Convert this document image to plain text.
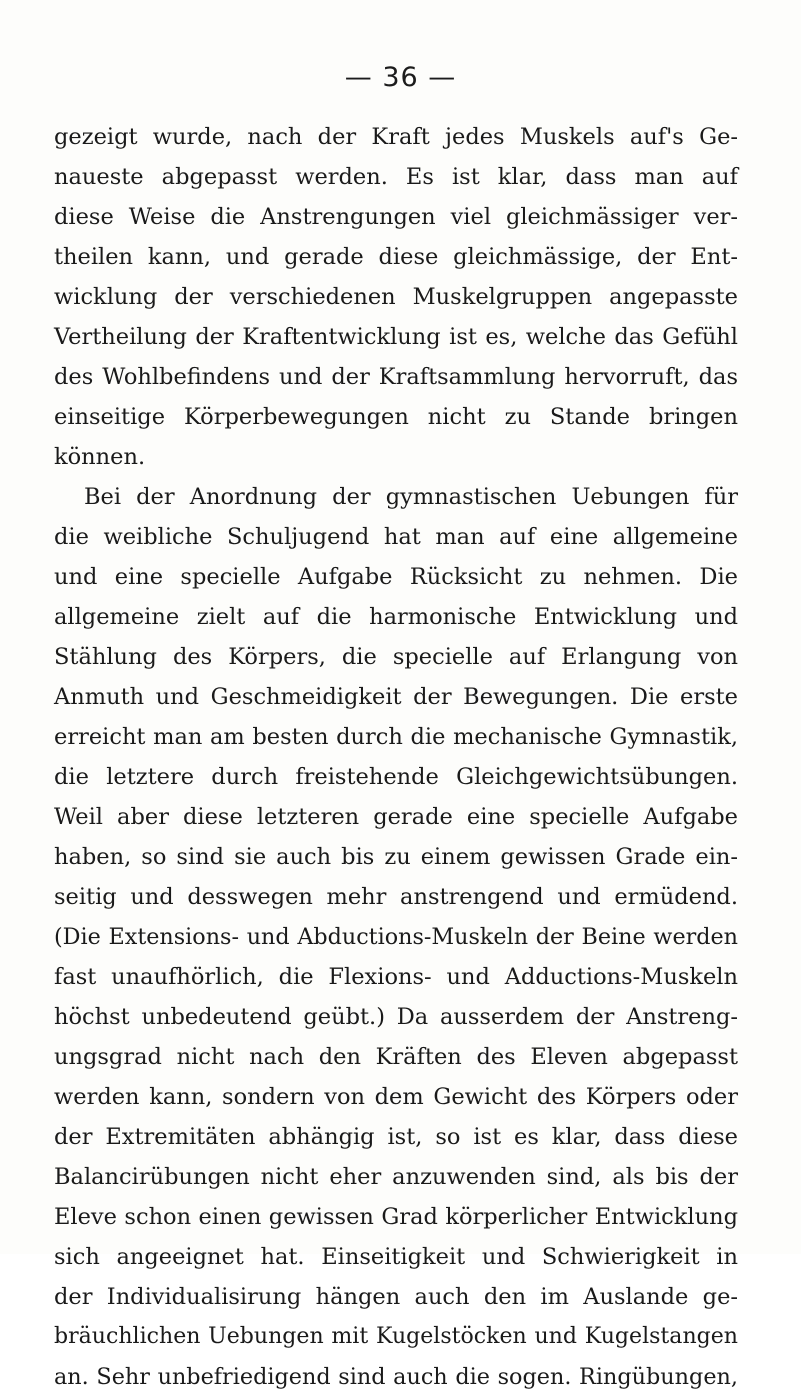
— 36 —
gezeigt wurde, nach der Kraft jedes Muskels auf's Ge-
naueste abgepasst werden. Es ist klar, dass man auf
diese Weise die Anstrengungen viel gleichmässiger ver-
theilen kann, und gerade diese gleichmässige, der Ent-
wicklung der verschiedenen Muskelgruppen angepasste
Vertheilung der Kraftentwicklung ist es, welche das Gefühl
des Wohlbefindens und der Kraftsammlung hervorruft, das
einseitige Körperbewegungen nicht zu Stande bringen
können.
Bei der Anordnung der gymnastischen Uebungen für
die weibliche Schuljugend hat man auf eine allgemeine
und eine specielle Aufgabe Rücksicht zu nehmen. Die
allgemeine zielt auf die harmonische Entwicklung und
Stählung des Körpers, die specielle auf Erlangung von
Anmuth und Geschmeidigkeit der Bewegungen. Die erste
erreicht man am besten durch die mechanische Gymnastik,
die letztere durch freistehende Gleichgewichtsübungen.
Weil aber diese letzteren gerade eine specielle Aufgabe
haben, so sind sie auch bis zu einem gewissen Grade ein-
seitig und desswegen mehr anstrengend und ermüdend.
(Die Extensions- und Abductions-Muskeln der Beine werden
fast unaufhörlich, die Flexions- und Adductions-Muskeln
höchst unbedeutend geübt.) Da ausserdem der Anstreng-
ungsgrad nicht nach den Kräften des Eleven abgepasst
werden kann, sondern von dem Gewicht des Körpers oder
der Extremitäten abhängig ist, so ist es klar, dass diese
Balancirübungen nicht eher anzuwenden sind, als bis der
Eleve schon einen gewissen Grad körperlicher Entwicklung
sich angeeignet hat. Einseitigkeit und Schwierigkeit in
der Individualisirung hängen auch den im Auslande ge-
bräuchlichen Uebungen mit Kugelstöcken und Kugelstangen
an. Sehr unbefriedigend sind auch die sogen. Ringübungen,
